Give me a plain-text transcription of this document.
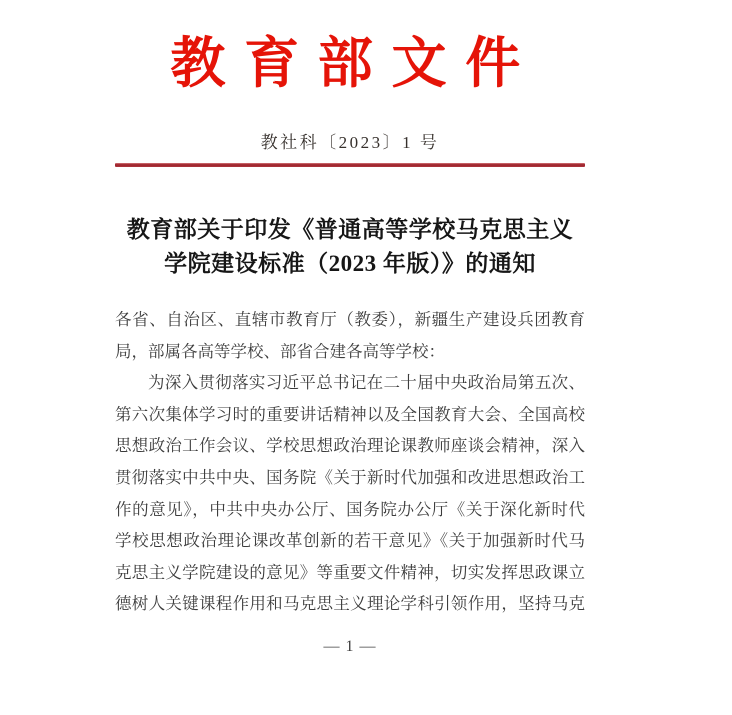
教育部文件
教社科〔2023〕1 号
教育部关于印发《普通高等学校马克思主义
学院建设标准（2023 年版）》的通知

各省、自治区、直辖市教育厅（教委），新疆生产建设兵团教育

局，部属各高等学校、部省合建各高等学校：

为深入贯彻落实习近平总书记在二十届中央政治局第五次、

第六次集体学习时的重要讲话精神以及全国教育大会、全国高校

思想政治工作会议、学校思想政治理论课教师座谈会精神，深入

贯彻落实中共中央、国务院《关于新时代加强和改进思想政治工

作的意见》，中共中央办公厅、国务院办公厅《关于深化新时代

学校思想政治理论课改革创新的若干意见》《关于加强新时代马

克思主义学院建设的意见》等重要文件精神，切实发挥思政课立

德树人关键课程作用和马克思主义理论学科引领作用，坚持马克

— 1 —
